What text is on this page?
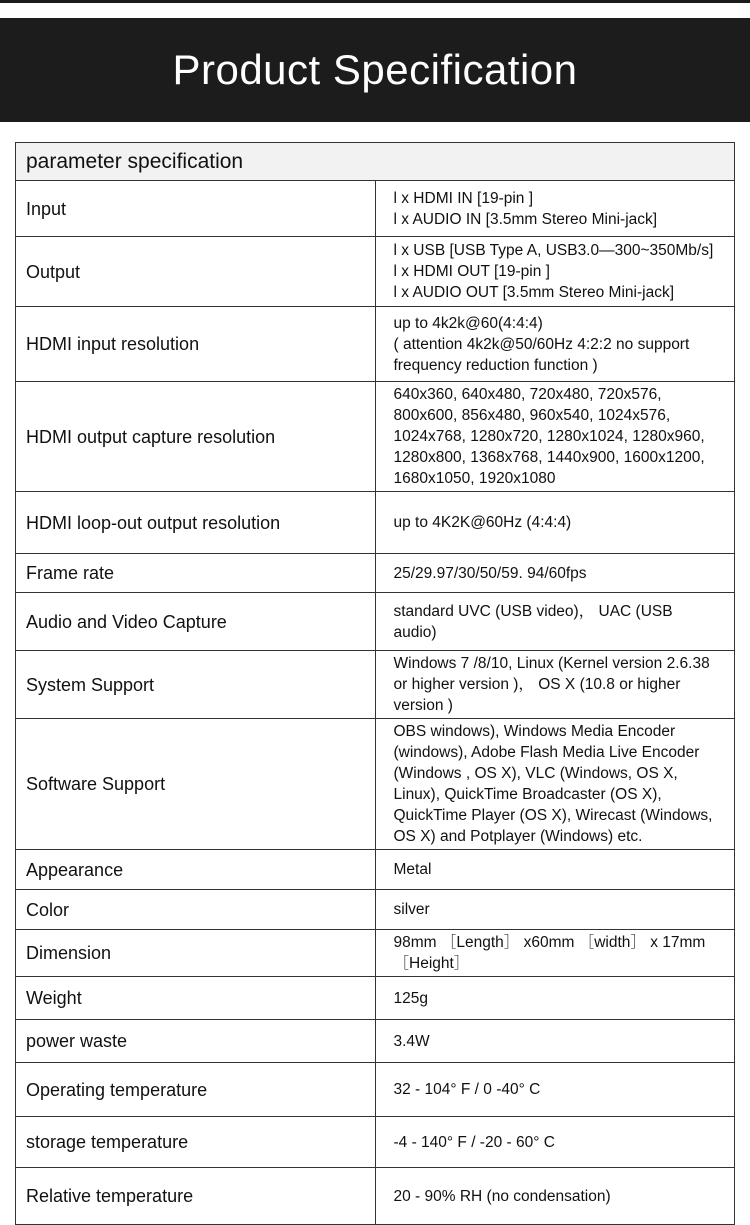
Product Specification
parameter specification	
Input	l x HDMI IN [19-pin ]
l x AUDIO IN [3.5mm Stereo Mini-jack]

Output	l x USB [USB Type A, USB3.0—300~350Mb/s]
l x HDMI OUT [19-pin ]
l x AUDIO OUT [3.5mm Stereo Mini-jack]

HDMI input resolution	up to 4k2k@60(4:4:4)
( attention 4k2k@50/60Hz 4:2:2 no support frequency reduction function )

HDMI output capture resolution	640x360, 640x480, 720x480, 720x576, 800x600, 856x480, 960x540, 1024x576, 1024x768, 1280x720, 1280x1024, 1280x960, 1280x800, 1368x768, 1440x900, 1600x1200, 1680x1050, 1920x1080

HDMI loop-out output resolution	up to 4K2K@60Hz (4:4:4)

Frame rate	25/29.97/30/50/59. 94/60fps

Audio and Video Capture	standard UVC (USB video)， UAC (USB audio)

System Support	Windows 7 /8/10, Linux (Kernel version 2.6.38 or higher version )， OS X (10.8 or higher version )

Software Support	OBS windows), Windows Media Encoder (windows), Adobe Flash Media Live Encoder (Windows , OS X), VLC (Windows, OS X, Linux), QuickTime Broadcaster (OS X), QuickTime Player (OS X), Wirecast (Windows, OS X) and Potplayer (Windows) etc.

Appearance	Metal

Color	silver

Dimension	98mm ［Length］ x60mm ［width］ x 17mm ［Height］

Weight	125g

power waste	3.4W

Operating temperature	32 - 104° F / 0 -40° C

storage temperature	-4 - 140° F / -20 - 60° C

Relative temperature	20 - 90% RH (no condensation)
